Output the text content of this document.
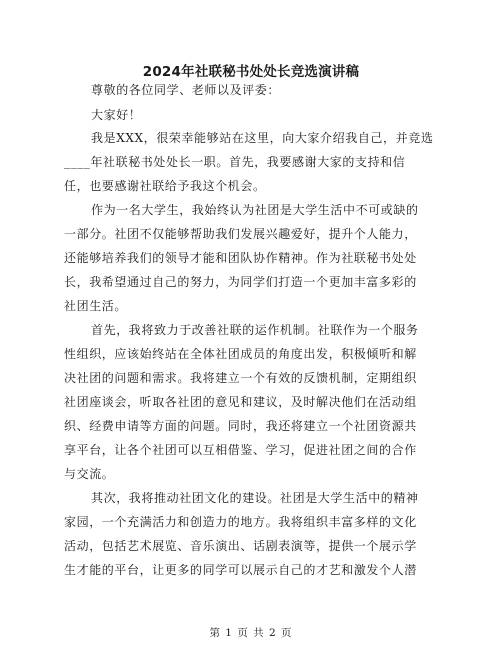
2024年社联秘书处处长竞选演讲稿
尊敬的各位同学、老师以及评委：
大家好！
我是XXX，很荣幸能够站在这里，向大家介绍我自己，并竞选
____年社联秘书处处长一职。首先，我要感谢大家的支持和信
任，也要感谢社联给予我这个机会。
作为一名大学生，我始终认为社团是大学生活中不可或缺的
一部分。社团不仅能够帮助我们发展兴趣爱好，提升个人能力，
还能够培养我们的领导才能和团队协作精神。作为社联秘书处处
长，我希望通过自己的努力，为同学们打造一个更加丰富多彩的
社团生活。
首先，我将致力于改善社联的运作机制。社联作为一个服务
性组织，应该始终站在全体社团成员的角度出发，积极倾听和解
决社团的问题和需求。我将建立一个有效的反馈机制，定期组织
社团座谈会，听取各社团的意见和建议，及时解决他们在活动组
织、经费申请等方面的问题。同时，我还将建立一个社团资源共
享平台，让各个社团可以互相借鉴、学习，促进社团之间的合作
与交流。
其次，我将推动社团文化的建设。社团是大学生活中的精神
家园，一个充满活力和创造力的地方。我将组织丰富多样的文化
活动，包括艺术展览、音乐演出、话剧表演等，提供一个展示学
生才能的平台，让更多的同学可以展示自己的才艺和激发个人潜
第 1 页 共 2 页
